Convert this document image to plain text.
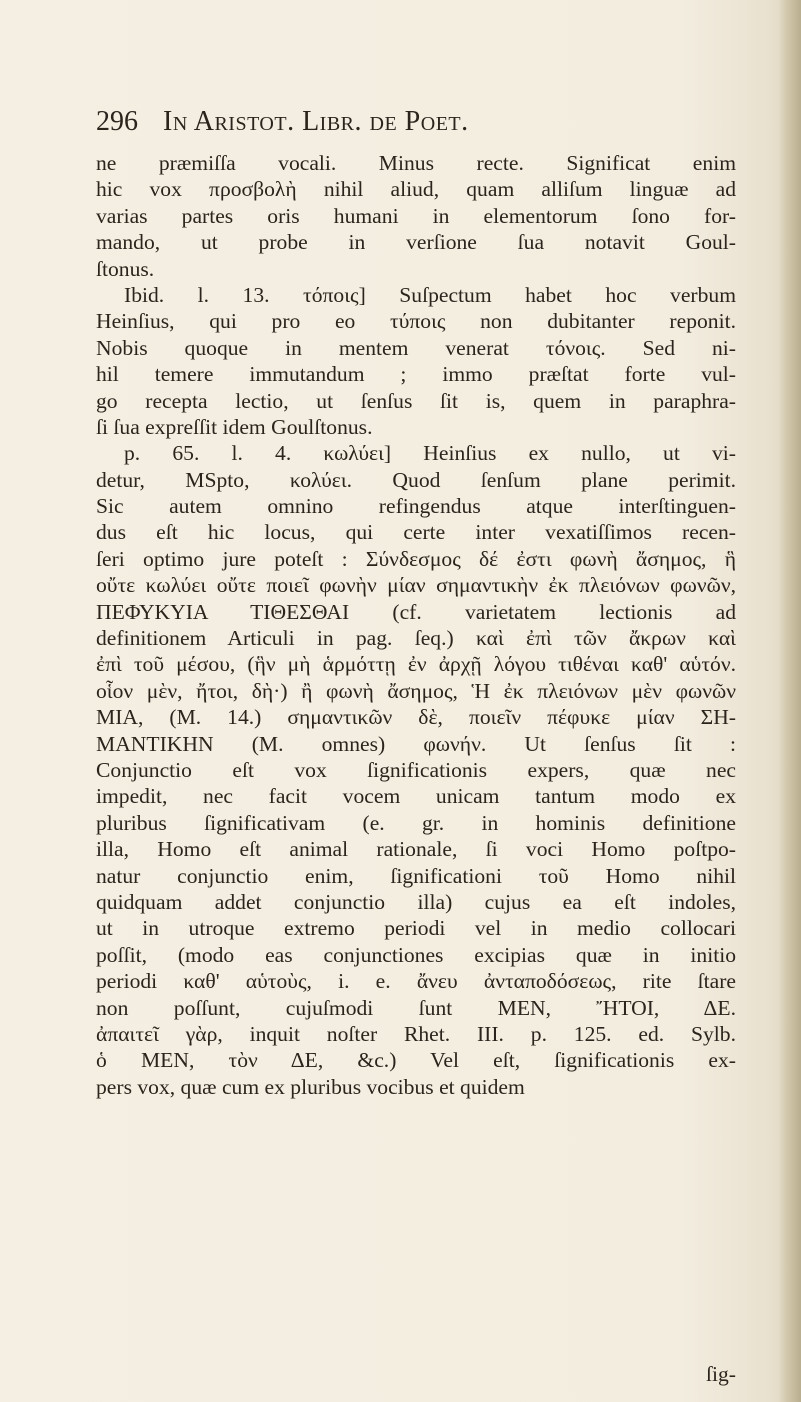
296 In Aristot. Libr. de Poet.
ne præmiſſa vocali. Minus recte. Significat enim
hic vox προσβολὴ nihil aliud, quam alliſum linguæ ad
varias partes oris humani in elementorum ſono for-
mando, ut probe in verſione ſua notavit Goul-
ſtonus.
Ibid. l. 13. τόποις] Suſpectum habet hoc verbum
Heinſius, qui pro eo τύποις non dubitanter reponit.
Nobis quoque in mentem venerat τόνοις. Sed ni-
hil temere immutandum ; immo præſtat forte vul-
go recepta lectio, ut ſenſus ſit is, quem in paraphra-
ſi ſua expreſſit idem Goulſtonus.
p. 65. l. 4. κωλύει] Heinſius ex nullo, ut vi-
detur, MSpto, κολύει. Quod ſenſum plane perimit.
Sic autem omnino refingendus atque interſtinguen-
dus eſt hic locus, qui certe inter vexatiſſimos recen-
ſeri optimo jure poteſt : Σύνδεσμος δέ ἐστι φωνὴ ἄσημος, ἣ
οὔτε κωλύει οὔτε ποιεῖ φωνὴν μίαν σημαντικὴν ἐκ πλειόνων φωνῶν,
ΠΕΦΥΚΥΙΑ ΤΙΘΕΣΘΑΙ (cf. varietatem lectionis ad
definitionem Articuli in pag. ſeq.) καὶ ἐπὶ τῶν ἄκρων καὶ
ἐπὶ τοῦ μέσου, (ἣν μὴ ἁρμόττῃ ἐν ἀρχῇ λόγου τιθέναι καθ' αὑτόν.
οἷον μὲν, ἤτοι, δὴ·) ἢ φωνὴ ἄσημος, Ἡ ἐκ πλειόνων μὲν φωνῶν
ΜΙΑ, (M. 14.) σημαντικῶν δὲ, ποιεῖν πέφυκε μίαν ΣΗ-
ΜΑΝΤΙΚΗΝ (M. omnes) φωνήν. Ut ſenſus ſit :
Conjunctio eſt vox ſignificationis expers, quæ nec
impedit, nec facit vocem unicam tantum modo ex
pluribus ſignificativam (e. gr. in hominis definitione
illa, Homo eſt animal rationale, ſi voci Homo poſtpo-
natur conjunctio enim, ſignificationi τοῦ Homo nihil
quidquam addet conjunctio illa) cujus ea eſt indoles,
ut in utroque extremo periodi vel in medio collocari
poſſit, (modo eas conjunctiones excipias quæ in initio
periodi καθ' αὑτοὺς, i. e. ἄνευ ἀνταποδόσεως, rite ſtare
non poſſunt, cujuſmodi ſunt MEN, ἬΤΟΙ, ΔΕ.
ἀπαιτεῖ γὰρ, inquit noſter Rhet. III. p. 125. ed. Sylb.
ὁ MEN, τὸν ΔΕ, &c.) Vel eſt, ſignificationis ex-
pers vox, quæ cum ex pluribus vocibus et quidem
ſig-
